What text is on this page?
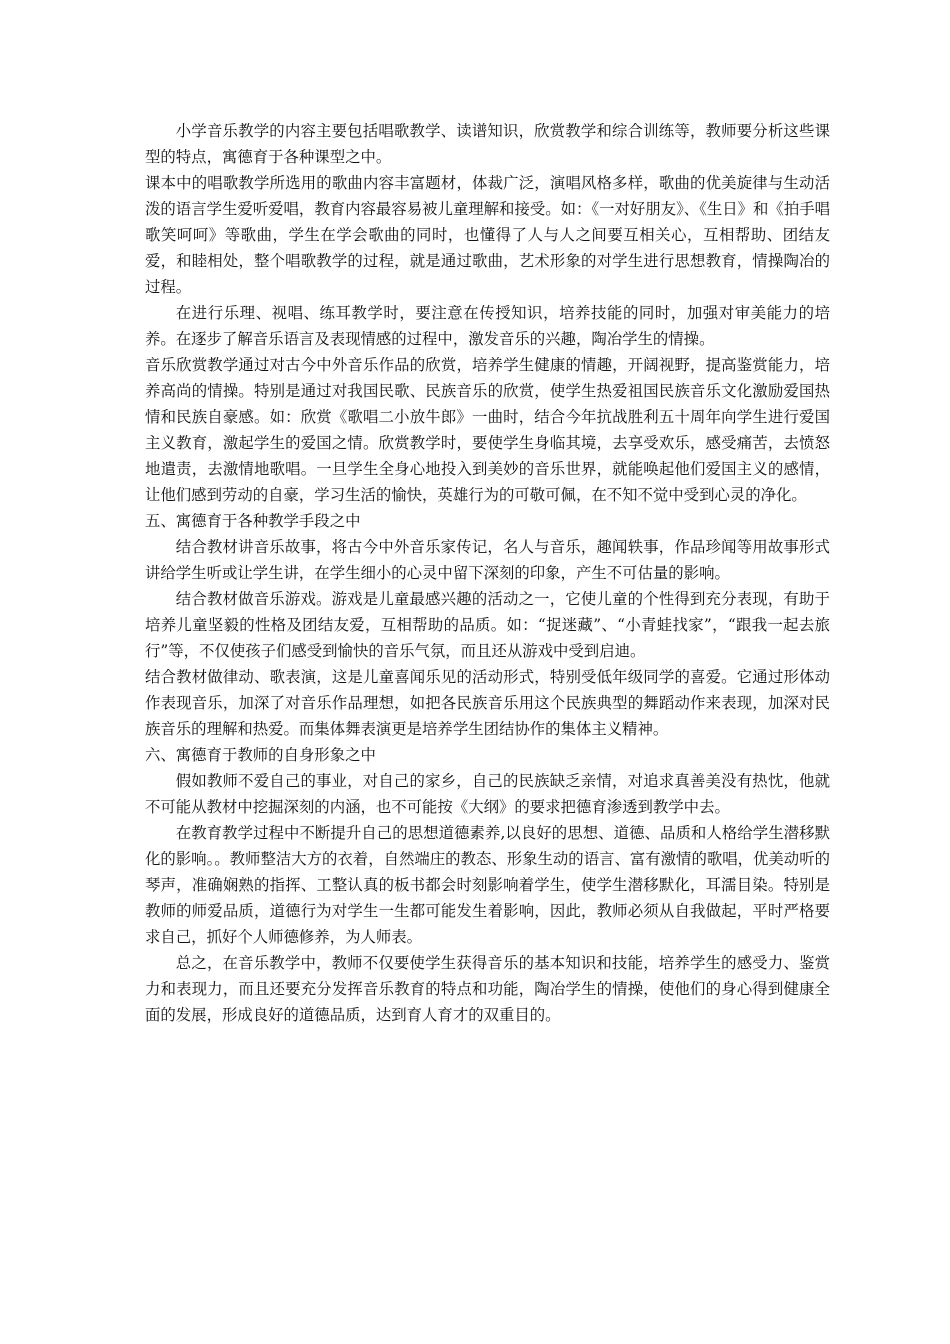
小学音乐教学的内容主要包括唱歌教学、读谱知识，欣赏教学和综合训练等，教师要分析这些课型的特点，寓德育于各种课型之中。

课本中的唱歌教学所选用的歌曲内容丰富题材，体裁广泛，演唱风格多样，歌曲的优美旋律与生动活泼的语言学生爱听爱唱，教育内容最容易被儿童理解和接受。如：《一对好朋友》、《生日》和《拍手唱歌笑呵呵》等歌曲，学生在学会歌曲的同时，也懂得了人与人之间要互相关心，互相帮助、团结友爱，和睦相处，整个唱歌教学的过程，就是通过歌曲，艺术形象的对学生进行思想教育，情操陶冶的过程。

在进行乐理、视唱、练耳教学时，要注意在传授知识，培养技能的同时，加强对审美能力的培养。在逐步了解音乐语言及表现情感的过程中，激发音乐的兴趣，陶冶学生的情操。

音乐欣赏教学通过对古今中外音乐作品的欣赏，培养学生健康的情趣，开阔视野，提高鉴赏能力，培养高尚的情操。特别是通过对我国民歌、民族音乐的欣赏，使学生热爱祖国民族音乐文化激励爱国热情和民族自豪感。如：欣赏《歌唱二小放牛郎》一曲时，结合今年抗战胜利五十周年向学生进行爱国主义教育，激起学生的爱国之情。欣赏教学时，要使学生身临其境，去享受欢乐，感受痛苦，去愤怒地遣责，去激情地歌唱。一旦学生全身心地投入到美妙的音乐世界，就能唤起他们爱国主义的感情，让他们感到劳动的自豪，学习生活的愉快，英雄行为的可敬可佩，在不知不觉中受到心灵的净化。

五、寓德育于各种教学手段之中

结合教材讲音乐故事，将古今中外音乐家传记，名人与音乐，趣闻轶事，作品珍闻等用故事形式讲给学生听或让学生讲，在学生细小的心灵中留下深刻的印象，产生不可估量的影响。

结合教材做音乐游戏。游戏是儿童最感兴趣的活动之一，它使儿童的个性得到充分表现，有助于培养儿童坚毅的性格及团结友爱，互相帮助的品质。如：“捉迷藏”、“小青蛙找家”，“跟我一起去旅行”等，不仅使孩子们感受到愉快的音乐气氛，而且还从游戏中受到启迪。

结合教材做律动、歌表演，这是儿童喜闻乐见的活动形式，特别受低年级同学的喜爱。它通过形体动作表现音乐，加深了对音乐作品理想，如把各民族音乐用这个民族典型的舞蹈动作来表现，加深对民族音乐的理解和热爱。而集体舞表演更是培养学生团结协作的集体主义精神。

六、寓德育于教师的自身形象之中

假如教师不爱自己的事业，对自己的家乡，自己的民族缺乏亲情，对追求真善美没有热忱，他就不可能从教材中挖掘深刻的内涵，也不可能按《大纲》的要求把德育渗透到教学中去。

在教育教学过程中不断提升自己的思想道德素养,以良好的思想、道德、品质和人格给学生潜移默化的影响。。教师整洁大方的衣着，自然端庄的教态、形象生动的语言、富有激情的歌唱，优美动听的琴声，准确娴熟的指挥、工整认真的板书都会时刻影响着学生，使学生潜移默化，耳濡目染。特别是教师的师爱品质，道德行为对学生一生都可能发生着影响，因此，教师必须从自我做起，平时严格要求自己，抓好个人师德修养，为人师表。

总之，在音乐教学中，教师不仅要使学生获得音乐的基本知识和技能，培养学生的感受力、鉴赏力和表现力，而且还要充分发挥音乐教育的特点和功能，陶冶学生的情操，使他们的身心得到健康全面的发展，形成良好的道德品质，达到育人育才的双重目的。
